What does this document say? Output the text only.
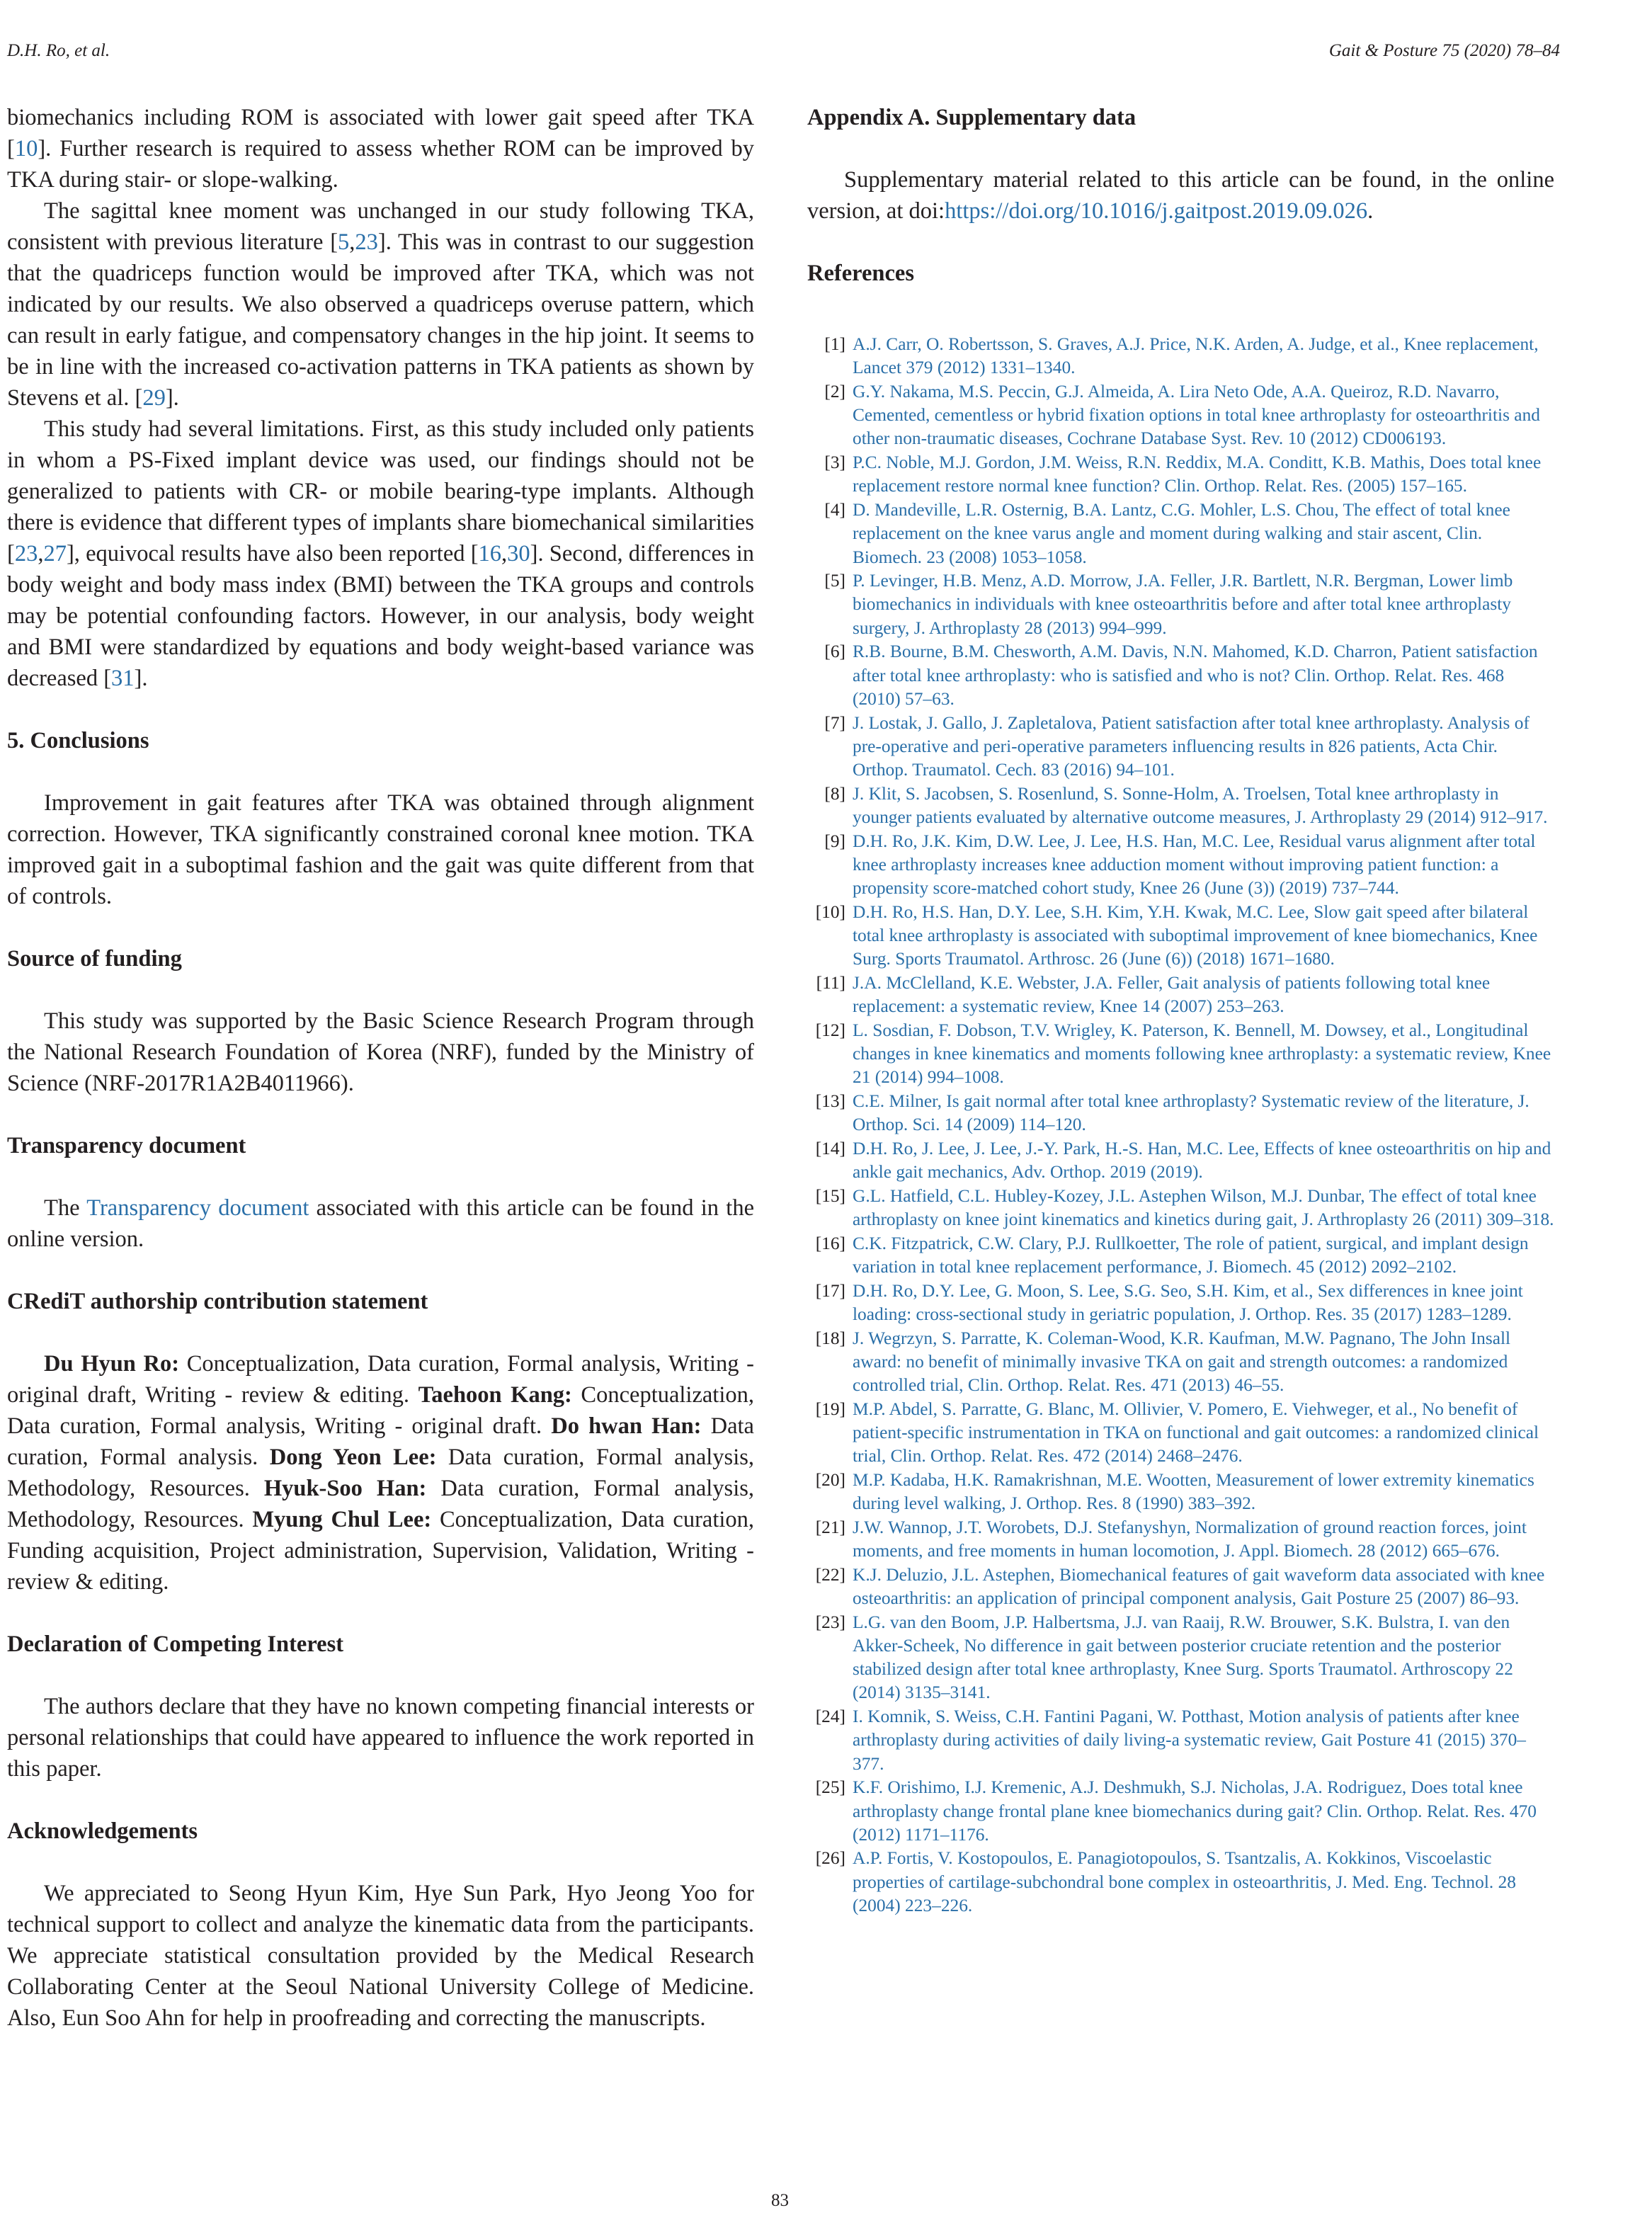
D.H. Ro, et al.	Gait & Posture 75 (2020) 78–84

biomechanics including ROM is associated with lower gait speed after TKA [10]. Further research is required to assess whether ROM can be improved by TKA during stair- or slope-walking.

The sagittal knee moment was unchanged in our study following TKA, consistent with previous literature [5,23]. This was in contrast to our suggestion that the quadriceps function would be improved after TKA, which was not indicated by our results. We also observed a quadriceps overuse pattern, which can result in early fatigue, and compensatory changes in the hip joint. It seems to be in line with the increased co-activation patterns in TKA patients as shown by Stevens et al. [29].

This study had several limitations. First, as this study included only patients in whom a PS-Fixed implant device was used, our findings should not be generalized to patients with CR- or mobile bearing-type implants. Although there is evidence that different types of implants share biomechanical similarities [23,27], equivocal results have also been reported [16,30]. Second, differences in body weight and body mass index (BMI) between the TKA groups and controls may be potential confounding factors. However, in our analysis, body weight and BMI were standardized by equations and body weight-based variance was decreased [31].

5. Conclusions

Improvement in gait features after TKA was obtained through alignment correction. However, TKA significantly constrained coronal knee motion. TKA improved gait in a suboptimal fashion and the gait was quite different from that of controls.

Source of funding

This study was supported by the Basic Science Research Program through the National Research Foundation of Korea (NRF), funded by the Ministry of Science (NRF-2017R1A2B4011966).

Transparency document

The Transparency document associated with this article can be found in the online version.

CRediT authorship contribution statement

Du Hyun Ro: Conceptualization, Data curation, Formal analysis, Writing - original draft, Writing - review & editing. Taehoon Kang: Conceptualization, Data curation, Formal analysis, Writing - original draft. Do hwan Han: Data curation, Formal analysis. Dong Yeon Lee: Data curation, Formal analysis, Methodology, Resources. Hyuk-Soo Han: Data curation, Formal analysis, Methodology, Resources. Myung Chul Lee: Conceptualization, Data curation, Funding acquisition, Project administration, Supervision, Validation, Writing - review & editing.

Declaration of Competing Interest

The authors declare that they have no known competing financial interests or personal relationships that could have appeared to influence the work reported in this paper.

Acknowledgements

We appreciated to Seong Hyun Kim, Hye Sun Park, Hyo Jeong Yoo for technical support to collect and analyze the kinematic data from the participants. We appreciate statistical consultation provided by the Medical Research Collaborating Center at the Seoul National University College of Medicine. Also, Eun Soo Ahn for help in proofreading and correcting the manuscripts.

Appendix A. Supplementary data

Supplementary material related to this article can be found, in the online version, at doi:https://doi.org/10.1016/j.gaitpost.2019.09.026.

References

[1] A.J. Carr, O. Robertsson, S. Graves, A.J. Price, N.K. Arden, A. Judge, et al., Knee replacement, Lancet 379 (2012) 1331–1340.
[2] G.Y. Nakama, M.S. Peccin, G.J. Almeida, A. Lira Neto Ode, A.A. Queiroz, R.D. Navarro, Cemented, cementless or hybrid fixation options in total knee arthroplasty for osteoarthritis and other non-traumatic diseases, Cochrane Database Syst. Rev. 10 (2012) CD006193.
[3] P.C. Noble, M.J. Gordon, J.M. Weiss, R.N. Reddix, M.A. Conditt, K.B. Mathis, Does total knee replacement restore normal knee function? Clin. Orthop. Relat. Res. (2005) 157–165.
[4] D. Mandeville, L.R. Osternig, B.A. Lantz, C.G. Mohler, L.S. Chou, The effect of total knee replacement on the knee varus angle and moment during walking and stair ascent, Clin. Biomech. 23 (2008) 1053–1058.
[5] P. Levinger, H.B. Menz, A.D. Morrow, J.A. Feller, J.R. Bartlett, N.R. Bergman, Lower limb biomechanics in individuals with knee osteoarthritis before and after total knee arthroplasty surgery, J. Arthroplasty 28 (2013) 994–999.
[6] R.B. Bourne, B.M. Chesworth, A.M. Davis, N.N. Mahomed, K.D. Charron, Patient satisfaction after total knee arthroplasty: who is satisfied and who is not? Clin. Orthop. Relat. Res. 468 (2010) 57–63.
[7] J. Lostak, J. Gallo, J. Zapletalova, Patient satisfaction after total knee arthroplasty. Analysis of pre-operative and peri-operative parameters influencing results in 826 patients, Acta Chir. Orthop. Traumatol. Cech. 83 (2016) 94–101.
[8] J. Klit, S. Jacobsen, S. Rosenlund, S. Sonne-Holm, A. Troelsen, Total knee arthroplasty in younger patients evaluated by alternative outcome measures, J. Arthroplasty 29 (2014) 912–917.
[9] D.H. Ro, J.K. Kim, D.W. Lee, J. Lee, H.S. Han, M.C. Lee, Residual varus alignment after total knee arthroplasty increases knee adduction moment without improving patient function: a propensity score-matched cohort study, Knee 26 (June (3)) (2019) 737–744.
[10] D.H. Ro, H.S. Han, D.Y. Lee, S.H. Kim, Y.H. Kwak, M.C. Lee, Slow gait speed after bilateral total knee arthroplasty is associated with suboptimal improvement of knee biomechanics, Knee Surg. Sports Traumatol. Arthrosc. 26 (June (6)) (2018) 1671–1680.
[11] J.A. McClelland, K.E. Webster, J.A. Feller, Gait analysis of patients following total knee replacement: a systematic review, Knee 14 (2007) 253–263.
[12] L. Sosdian, F. Dobson, T.V. Wrigley, K. Paterson, K. Bennell, M. Dowsey, et al., Longitudinal changes in knee kinematics and moments following knee arthroplasty: a systematic review, Knee 21 (2014) 994–1008.
[13] C.E. Milner, Is gait normal after total knee arthroplasty? Systematic review of the literature, J. Orthop. Sci. 14 (2009) 114–120.
[14] D.H. Ro, J. Lee, J. Lee, J.-Y. Park, H.-S. Han, M.C. Lee, Effects of knee osteoarthritis on hip and ankle gait mechanics, Adv. Orthop. 2019 (2019).
[15] G.L. Hatfield, C.L. Hubley-Kozey, J.L. Astephen Wilson, M.J. Dunbar, The effect of total knee arthroplasty on knee joint kinematics and kinetics during gait, J. Arthroplasty 26 (2011) 309–318.
[16] C.K. Fitzpatrick, C.W. Clary, P.J. Rullkoetter, The role of patient, surgical, and implant design variation in total knee replacement performance, J. Biomech. 45 (2012) 2092–2102.
[17] D.H. Ro, D.Y. Lee, G. Moon, S. Lee, S.G. Seo, S.H. Kim, et al., Sex differences in knee joint loading: cross-sectional study in geriatric population, J. Orthop. Res. 35 (2017) 1283–1289.
[18] J. Wegrzyn, S. Parratte, K. Coleman-Wood, K.R. Kaufman, M.W. Pagnano, The John Insall award: no benefit of minimally invasive TKA on gait and strength outcomes: a randomized controlled trial, Clin. Orthop. Relat. Res. 471 (2013) 46–55.
[19] M.P. Abdel, S. Parratte, G. Blanc, M. Ollivier, V. Pomero, E. Viehweger, et al., No benefit of patient-specific instrumentation in TKA on functional and gait outcomes: a randomized clinical trial, Clin. Orthop. Relat. Res. 472 (2014) 2468–2476.
[20] M.P. Kadaba, H.K. Ramakrishnan, M.E. Wootten, Measurement of lower extremity kinematics during level walking, J. Orthop. Res. 8 (1990) 383–392.
[21] J.W. Wannop, J.T. Worobets, D.J. Stefanyshyn, Normalization of ground reaction forces, joint moments, and free moments in human locomotion, J. Appl. Biomech. 28 (2012) 665–676.
[22] K.J. Deluzio, J.L. Astephen, Biomechanical features of gait waveform data associated with knee osteoarthritis: an application of principal component analysis, Gait Posture 25 (2007) 86–93.
[23] L.G. van den Boom, J.P. Halbertsma, J.J. van Raaij, R.W. Brouwer, S.K. Bulstra, I. van den Akker-Scheek, No difference in gait between posterior cruciate retention and the posterior stabilized design after total knee arthroplasty, Knee Surg. Sports Traumatol. Arthroscopy 22 (2014) 3135–3141.
[24] I. Komnik, S. Weiss, C.H. Fantini Pagani, W. Potthast, Motion analysis of patients after knee arthroplasty during activities of daily living-a systematic review, Gait Posture 41 (2015) 370–377.
[25] K.F. Orishimo, I.J. Kremenic, A.J. Deshmukh, S.J. Nicholas, J.A. Rodriguez, Does total knee arthroplasty change frontal plane knee biomechanics during gait? Clin. Orthop. Relat. Res. 470 (2012) 1171–1176.
[26] A.P. Fortis, V. Kostopoulos, E. Panagiotopoulos, S. Tsantzalis, A. Kokkinos, Viscoelastic properties of cartilage-subchondral bone complex in osteoarthritis, J. Med. Eng. Technol. 28 (2004) 223–226.
83
